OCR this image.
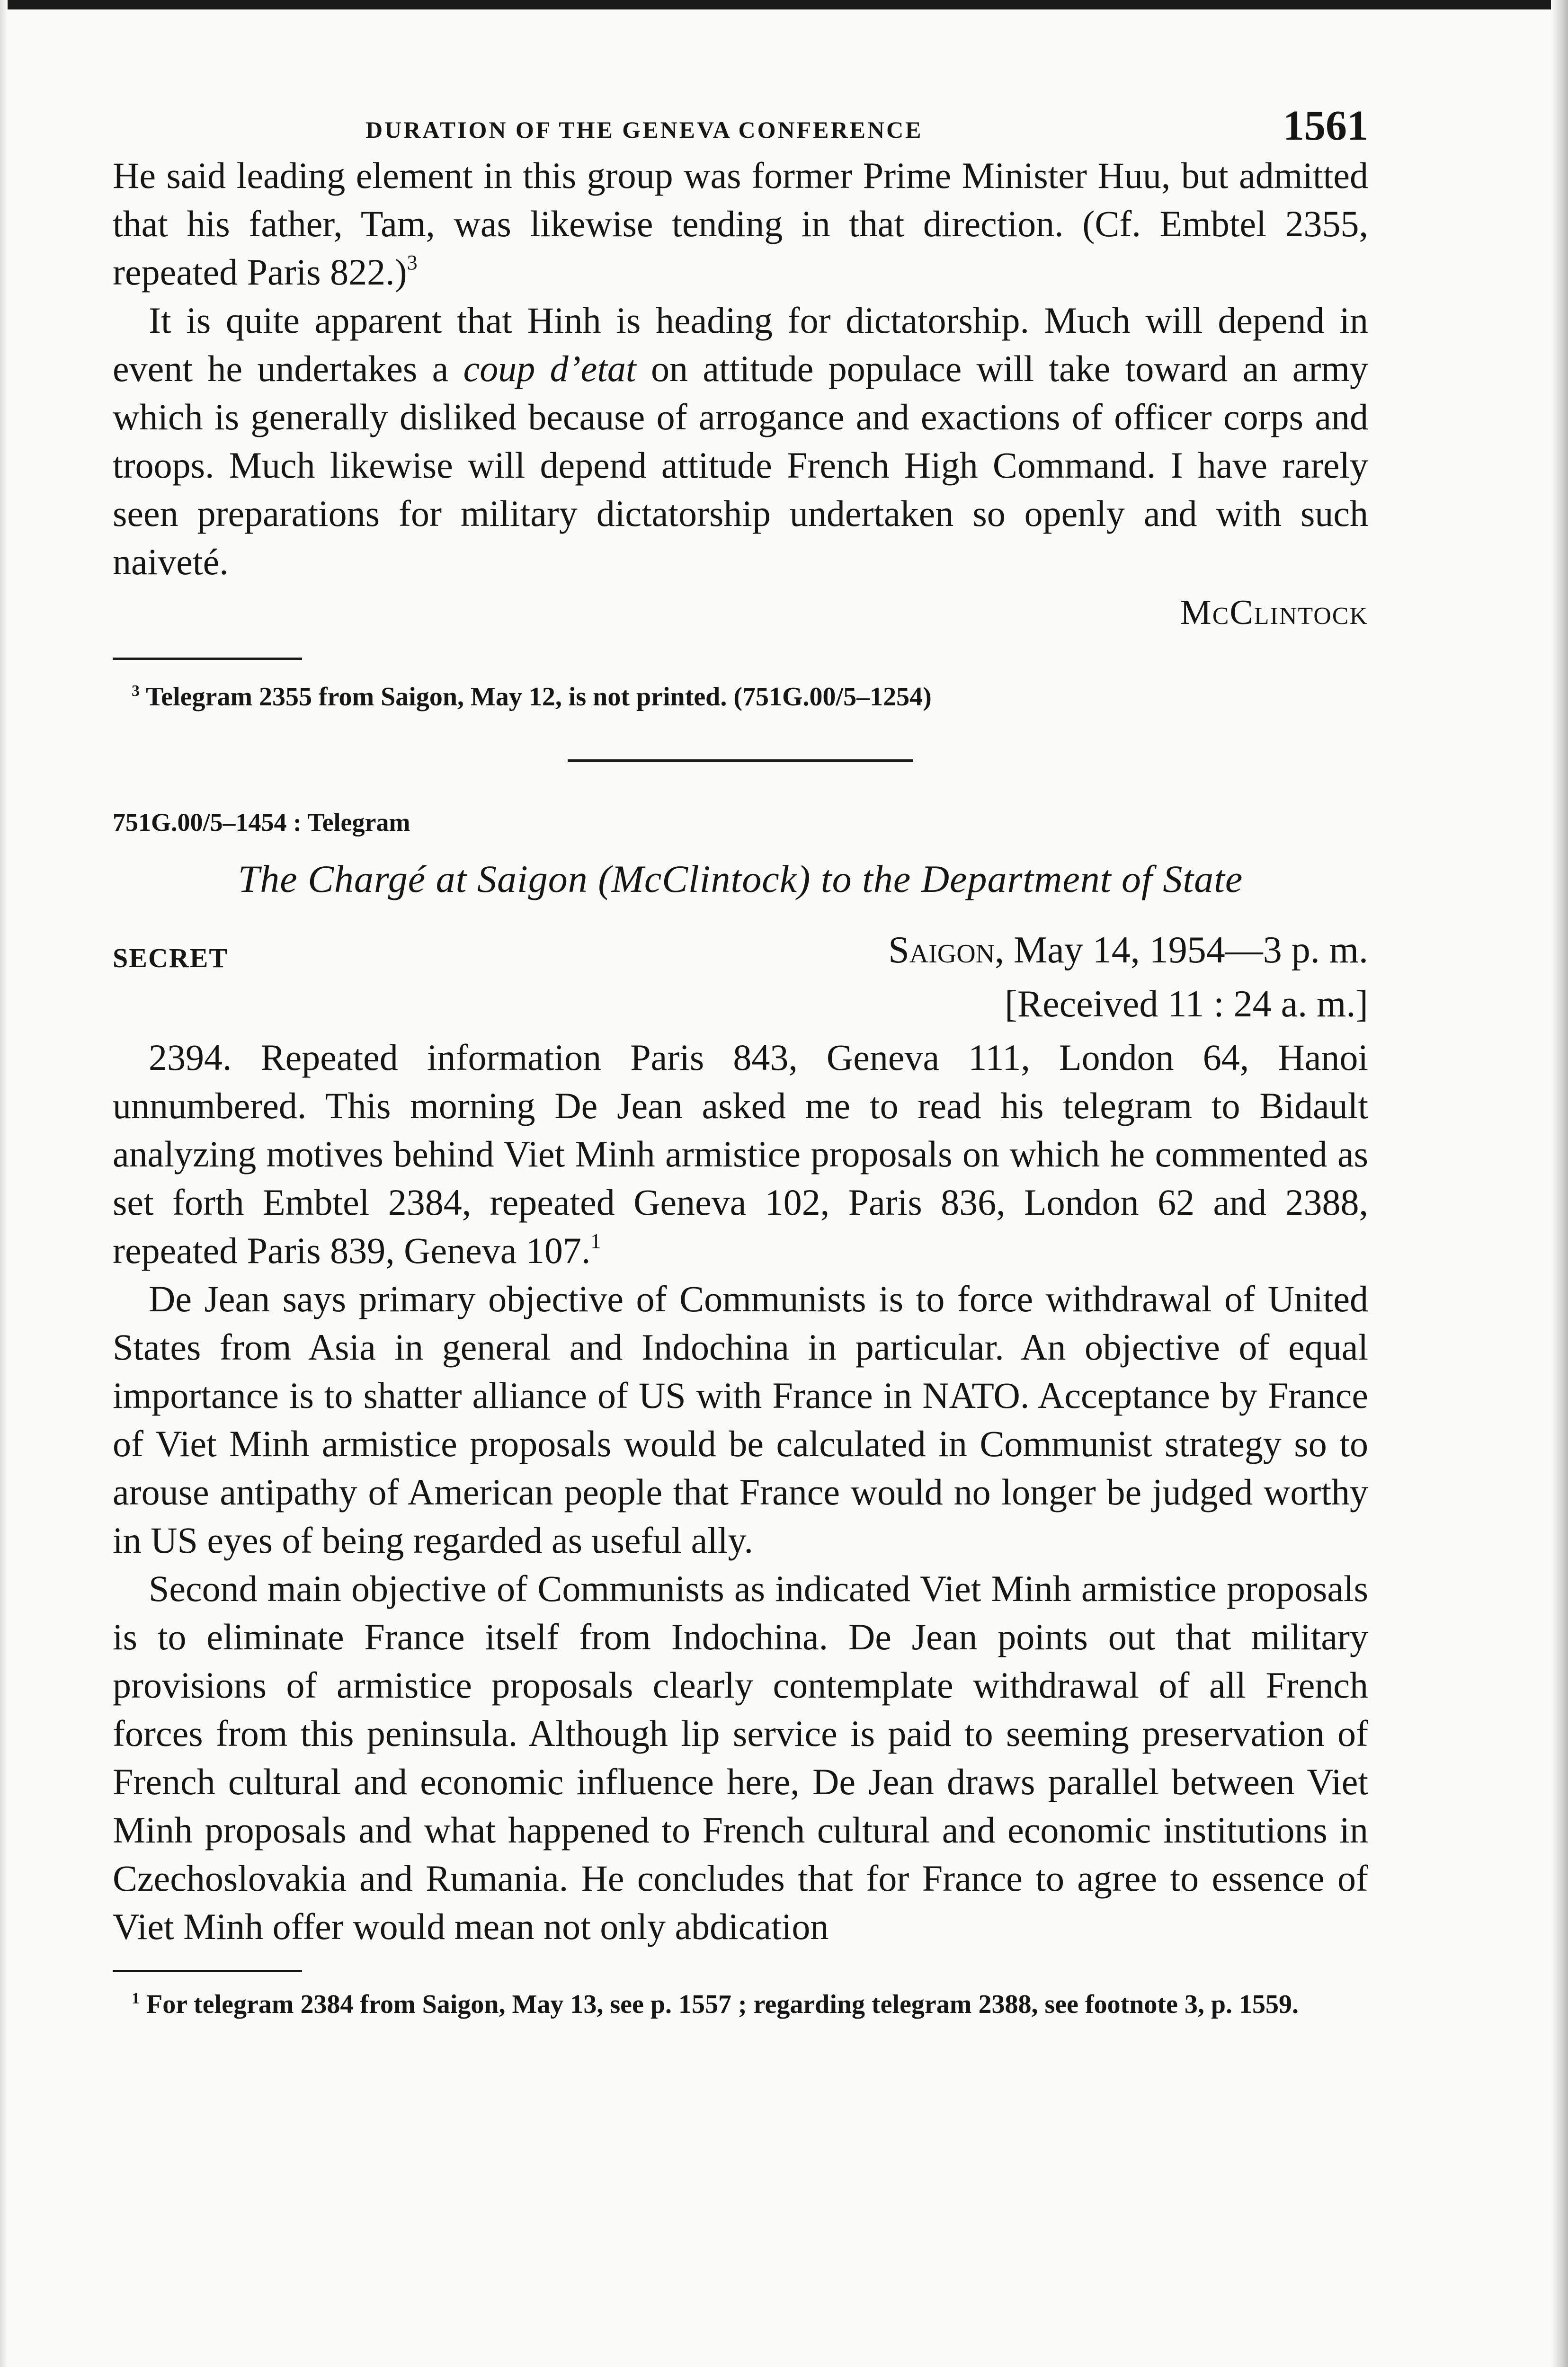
DURATION OF THE GENEVA CONFERENCE	1561

He said leading element in this group was former Prime Minister Huu, but admitted that his father, Tam, was likewise tending in that direction. (Cf. Embtel 2355, repeated Paris 822.)$^3$

It is quite apparent that Hinh is heading for dictatorship. Much will depend in event he undertakes a coup d’etat on attitude populace will take toward an army which is generally disliked because of arrogance and exactions of officer corps and troops. Much likewise will depend attitude French High Command. I have rarely seen preparations for military dictatorship undertaken so openly and with such naiveté.

McClintock

$^3$ Telegram 2355 from Saigon, May 12, is not printed. (751G.00/5–1254)

751G.00/5–1454 : Telegram
The Chargé at Saigon (McClintock) to the Department of State
SECRET	Saigon, May 14, 1954—3 p. m.
[Received 11 : 24 a. m.]

2394. Repeated information Paris 843, Geneva 111, London 64, Hanoi unnumbered. This morning De Jean asked me to read his telegram to Bidault analyzing motives behind Viet Minh armistice proposals on which he commented as set forth Embtel 2384, repeated Geneva 102, Paris 836, London 62 and 2388, repeated Paris 839, Geneva 107.$^1$

De Jean says primary objective of Communists is to force withdrawal of United States from Asia in general and Indochina in particular. An objective of equal importance is to shatter alliance of US with France in NATO. Acceptance by France of Viet Minh armistice proposals would be calculated in Communist strategy so to arouse antipathy of American people that France would no longer be judged worthy in US eyes of being regarded as useful ally.

Second main objective of Communists as indicated Viet Minh armistice proposals is to eliminate France itself from Indochina. De Jean points out that military provisions of armistice proposals clearly contemplate withdrawal of all French forces from this peninsula. Although lip service is paid to seeming preservation of French cultural and economic influence here, De Jean draws parallel between Viet Minh proposals and what happened to French cultural and economic institutions in Czechoslovakia and Rumania. He concludes that for France to agree to essence of Viet Minh offer would mean not only abdication

$^1$ For telegram 2384 from Saigon, May 13, see p. 1557 ; regarding telegram 2388, see footnote 3, p. 1559.
